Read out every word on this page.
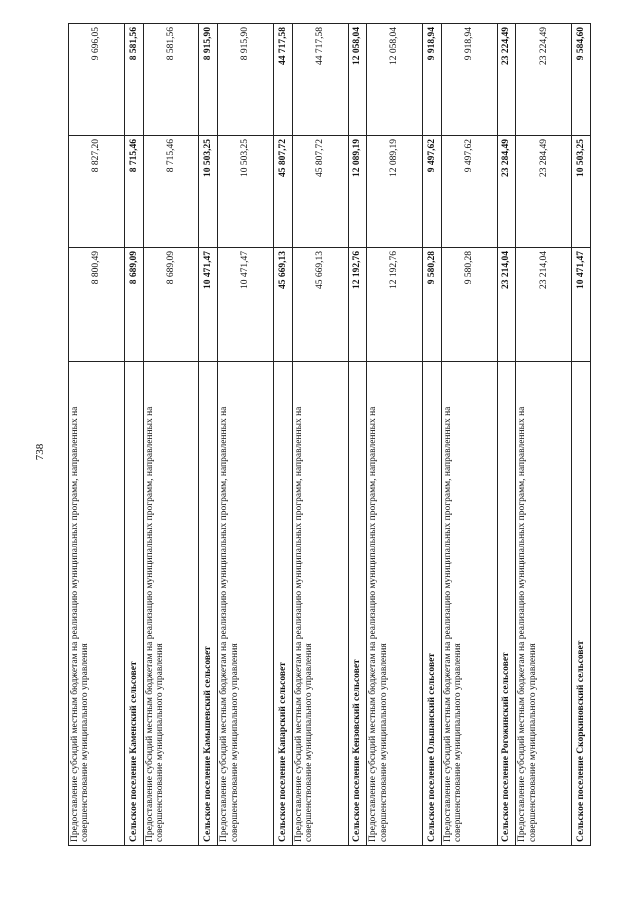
738	Предоставление субсидий местным бюджетам на реализацию муниципальных программ, направленных на совершенствование муниципального управления	8 800,49	8 827,20	9 696,05
Сельское поселение Каменский сельсовет	8 689,09	8 715,46	8 581,56
Предоставление субсидий местным бюджетам на реализацию муниципальных программ, направленных на совершенствование муниципального управления	8 689,09	8 715,46	8 581,56
Сельское поселение Камышевский сельсовет	10 471,47	10 503,25	8 915,90
Предоставление субсидий местным бюджетам на реализацию муниципальных программ, направленных на совершенствование муниципального управления	10 471,47	10 503,25	8 915,90
Сельское поселение Капарский сельсовет	45 669,13	45 807,72	44 717,58
Предоставление субсидий местным бюджетам на реализацию муниципальных программ, направленных на совершенствование муниципального управления	45 669,13	45 807,72	44 717,58
Сельское поселение Кензовский сельсовет	12 192,76	12 089,19	12 058,04
Предоставление субсидий местным бюджетам на реализацию муниципальных программ, направленных на совершенствование муниципального управления	12 192,76	12 089,19	12 058,04
Сельское поселение Ольшанский сельсовет	9 580,28	9 497,62	9 918,94
Предоставление субсидий местным бюджетам на реализацию муниципальных программ, направленных на совершенствование муниципального управления	9 580,28	9 497,62	9 918,94
Сельское поселение Рогожинский сельсовет	23 214,04	23 284,49	23 224,49
Предоставление субсидий местным бюджетам на реализацию муниципальных программ, направленных на совершенствование муниципального управления	23 214,04	23 284,49	23 224,49
Сельское поселение Скоркиновский сельсовет	10 471,47	10 503,25	9 584,60
